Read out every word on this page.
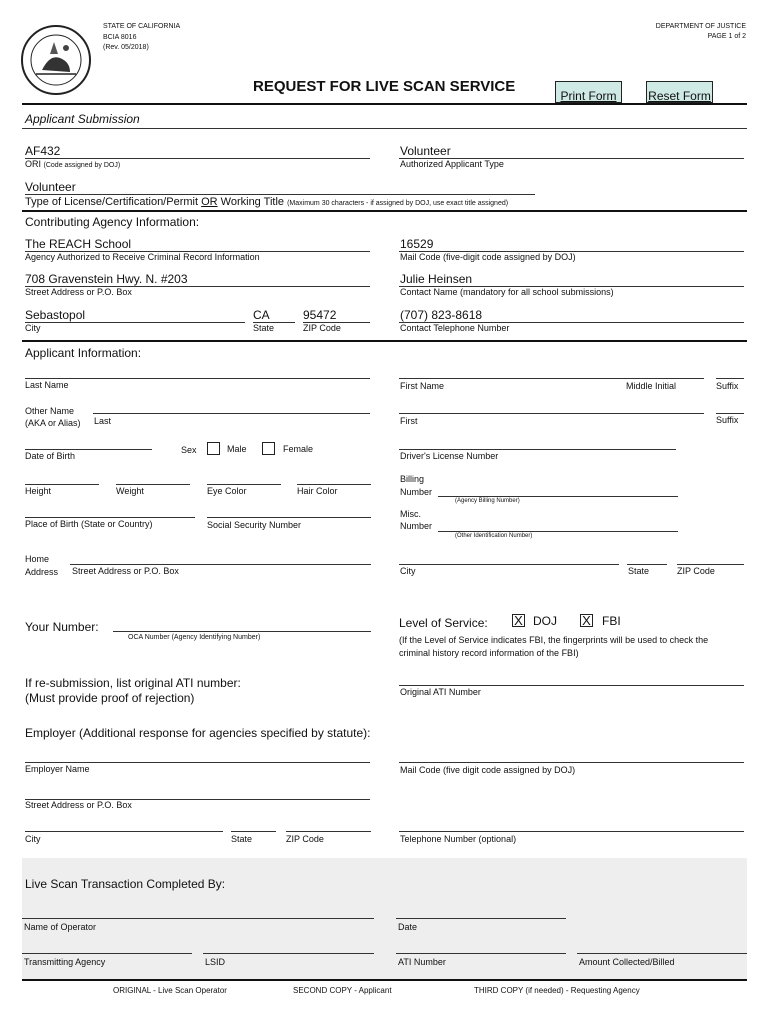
STATE OF CALIFORNIA
BCIA 8016
(Rev. 05/2018)
DEPARTMENT OF JUSTICE
PAGE 1 of 2
REQUEST FOR LIVE SCAN SERVICE
Print Form	Reset Form
Applicant Submission
AF432
ORI (Code assigned by DOJ)
Volunteer
Authorized Applicant Type
Volunteer
Type of License/Certification/Permit OR Working Title (Maximum 30 characters - if assigned by DOJ, use exact title assigned)
Contributing Agency Information:
The REACH School
Agency Authorized to Receive Criminal Record Information
16529
Mail Code (five-digit code assigned by DOJ)
708 Gravenstein Hwy. N. #203
Street Address or P.O. Box
Julie Heinsen
Contact Name (mandatory for all school submissions)
Sebastopol
City
CA
State
95472
ZIP Code
(707) 823-8618
Contact Telephone Number
Applicant Information:
Last Name	First Name	Middle Initial	Suffix
Other Name
(AKA or Alias) Last	First	Suffix
Date of Birth
Sex	Male	Female
Driver's License Number
Height	Weight	Eye Color	Hair Color
Billing
Number
(Agency Billing Number)
Place of Birth (State or Country)	Social Security Number
Misc.
Number
(Other Identification Number)
Home
Address Street Address or P.O. Box	City	State	ZIP Code
Your Number:
OCA Number (Agency Identifying Number)
Level of Service: X DOJ X FBI
(If the Level of Service indicates FBI, the fingerprints will be used to check the
criminal history record information of the FBI)
If re-submission, list original ATI number:
(Must provide proof of rejection)	Original ATI Number
Employer (Additional response for agencies specified by statute):
Employer Name	Mail Code (five digit code assigned by DOJ)
Street Address or P.O. Box
City	State	ZIP Code	Telephone Number (optional)
Live Scan Transaction Completed By:
Name of Operator	Date
Transmitting Agency	LSID	ATI Number	Amount Collected/Billed
ORIGINAL - Live Scan Operator	SECOND COPY - Applicant	THIRD COPY (if needed) - Requesting Agency
